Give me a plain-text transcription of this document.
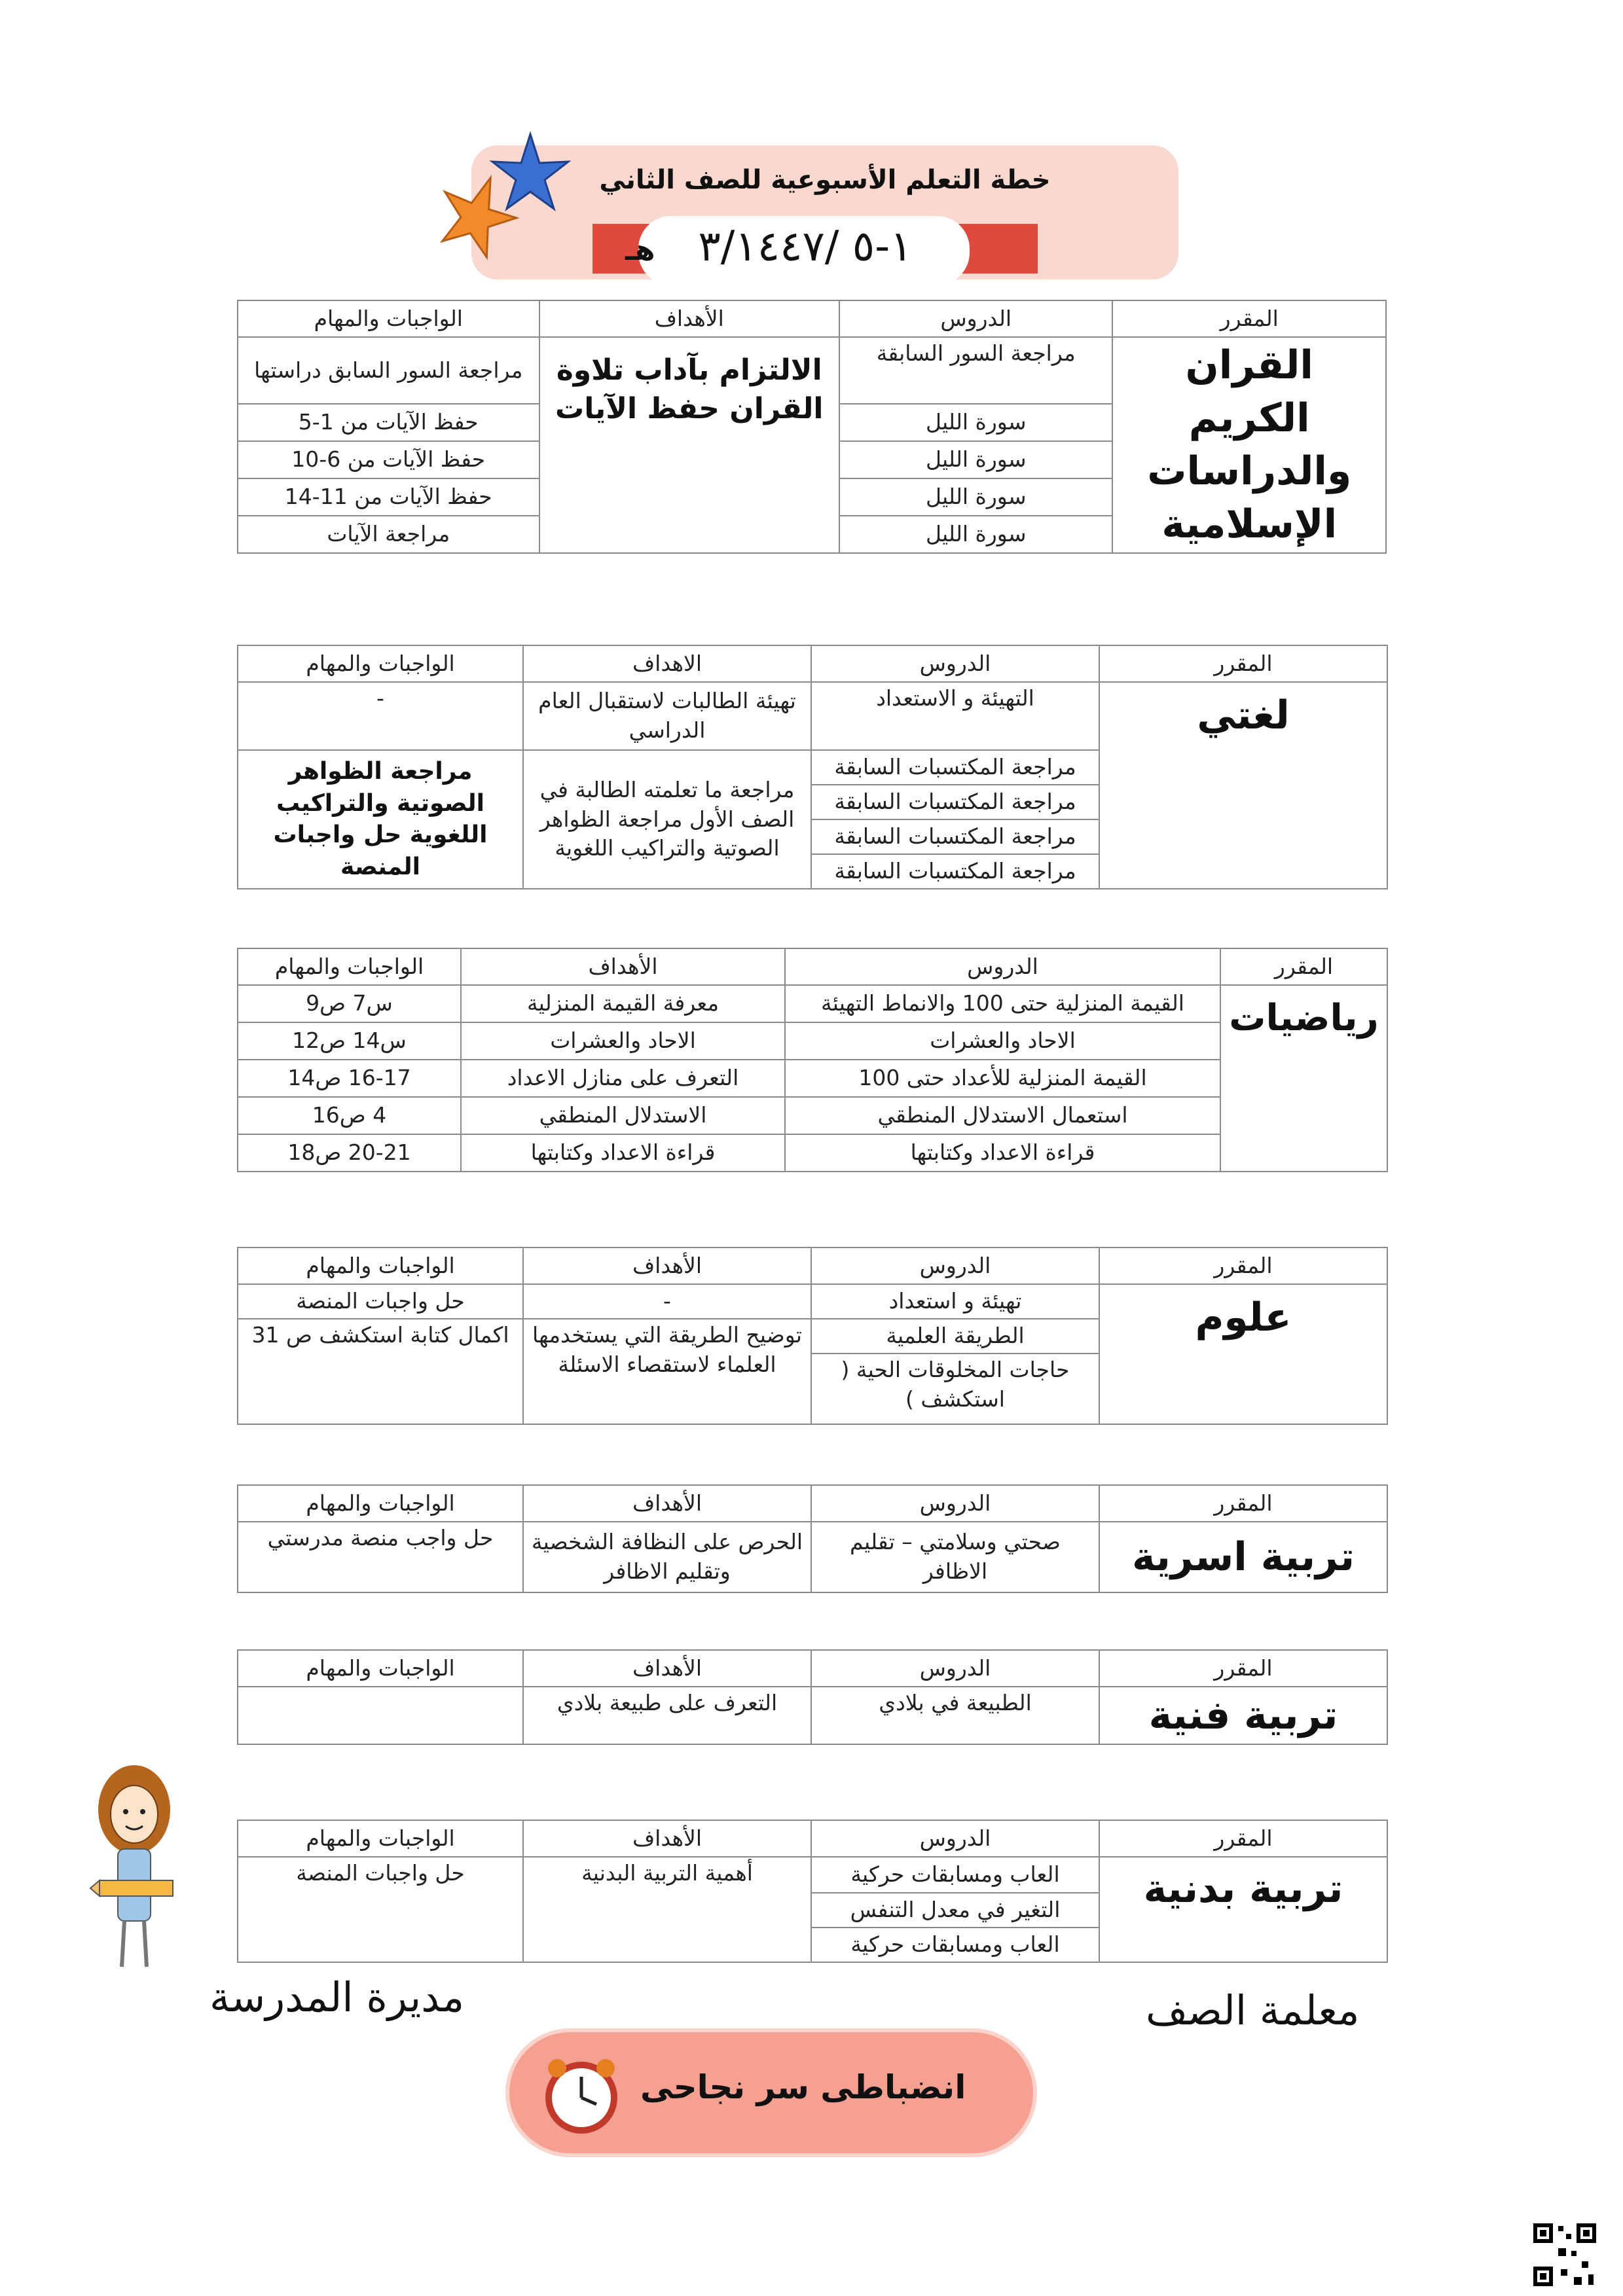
خطة التعلم الأسبوعية للصف الثاني
١-٥ /٣/١٤٤٧
هـ
المقرر	الدروس	الأهداف	الواجبات والمهام
القران الكريم والدراسات الإسلامية	مراجعة السور السابقة	الالتزام بآداب تلاوة القران حفظ الآيات	مراجعة السور السابق دراستها
	سورة الليل		حفظ الآيات من 1-5
	سورة الليل		حفظ الآيات من 6-10
	سورة الليل		حفظ الآيات من 11-14
	سورة الليل		مراجعة الآيات
المقرر	الدروس	الاهداف	الواجبات والمهام
لغتي	التهيئة و الاستعداد	تهيئة الطالبات لاستقبال العام الدراسي	-
	مراجعة المكتسبات السابقة	مراجعة ما تعلمته الطالبة في الصف الأول مراجعة الظواهر الصوتية والتراكيب اللغوية	مراجعة الظواهر الصوتية والتراكيب اللغوية حل واجبات المنصة
	مراجعة المكتسبات السابقة		
	مراجعة المكتسبات السابقة		
	مراجعة المكتسبات السابقة		
المقرر	الدروس	الأهداف	الواجبات والمهام
رياضيات	القيمة المنزلية حتى 100 والانماط التهيئة	معرفة القيمة المنزلية	س7 ص9
	الاحاد والعشرات	الاحاد والعشرات	س14 ص12
	القيمة المنزلية للأعداد حتى 100	التعرف على منازل الاعداد	16-17 ص14
	استعمال الاستدلال المنطقي	الاستدلال المنطقي	4 ص16
	قراءة الاعداد وكتابتها	قراءة الاعداد وكتابتها	20-21 ص18
المقرر	الدروس	الأهداف	الواجبات والمهام
علوم	تهيئة و استعداد	-	حل واجبات المنصة
	الطريقة العلمية	توضيح الطريقة التي يستخدمها العلماء لاستقصاء الاسئلة	اكمال كتابة استكشف ص 31
	حاجات المخلوقات الحية ( استكشف )		
المقرر	الدروس	الأهداف	الواجبات والمهام
تربية اسرية	صحتي وسلامتي – تقليم الاظافر	الحرص على النظافة الشخصية وتقليم الاظافر	حل واجب منصة مدرستي
المقرر	الدروس	الأهداف	الواجبات والمهام
تربية فنية	الطبيعة في بلادي	التعرف على طبيعة بلادي	
المقرر	الدروس	الأهداف	الواجبات والمهام
تربية بدنية	العاب ومسابقات حركية	أهمية التربية البدنية	حل واجبات المنصة
	التغير في معدل التنفس		
	العاب ومسابقات حركية		
معلمة الصف
مديرة المدرسة
انضباطى سر نجاحى
